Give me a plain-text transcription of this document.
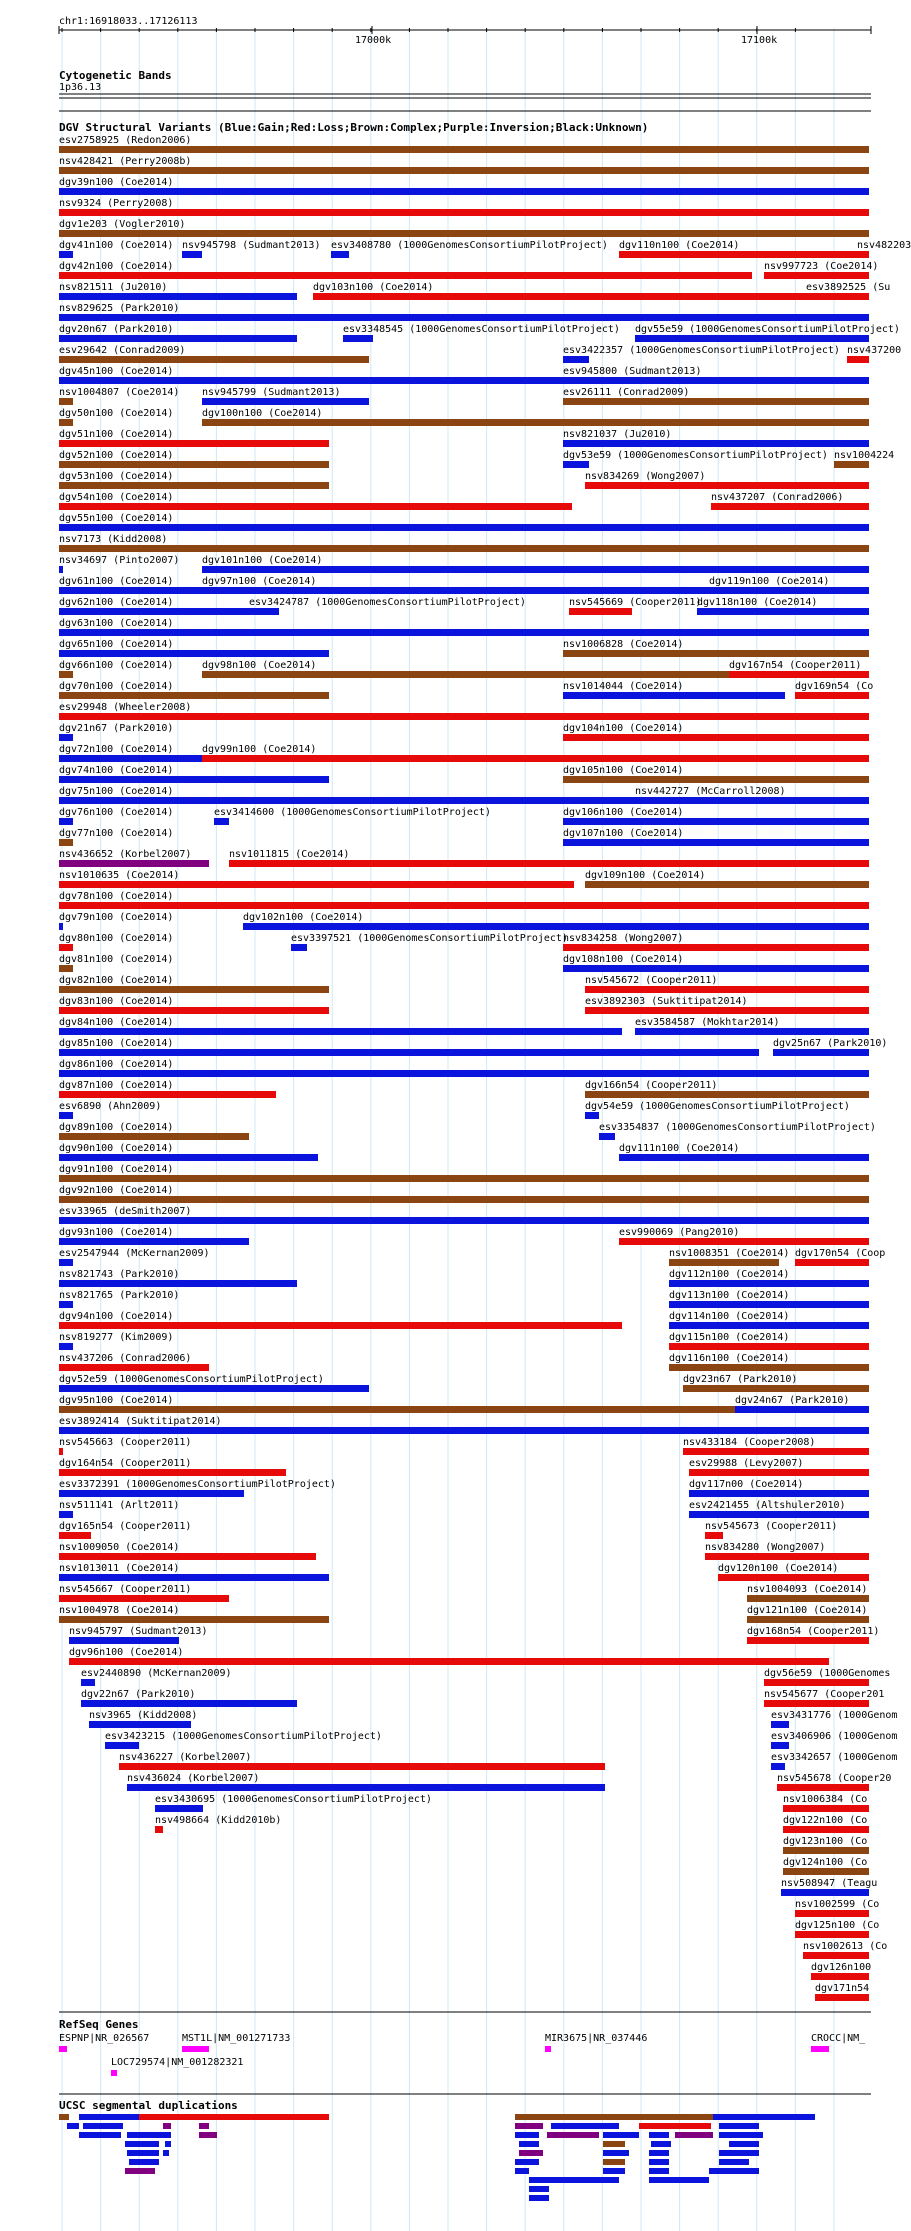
esv2758925 (Redon2006)
nsv428421 (Perry2008b)
dgv39n100 (Coe2014)
nsv9324 (Perry2008)
dgv1e203 (Vogler2010)
dgv41n100 (Coe2014) nsv945798 (Sudmant2013) esv3408780 (1000GenomesConsortiumPilotProject) dgv110n100 (Coe2014)	nsv482203
dgv42n100 (Coe2014)	nsv997723 (Coe2014)
nsv821511 (Ju2010)	dgv103n100 (Coe2014)	esv3892525 (Su
nsv829625 (Park2010)
dgv20n67 (Park2010)	esv3348545 (1000GenomesConsortiumPilotProject) dgv55e59 (1000GenomesConsortiumPilotProject)
esv29642 (Conrad2009)	esv3422357 (1000GenomesConsortiumPilotProject) nsv437200
dgv45n100 (Coe2014)	esv945800 (Sudmant2013)
nsv1004807 (Coe2014) nsv945799 (Sudmant2013)	esv26111 (Conrad2009)
dgv50n100 (Coe2014)	dgv100n100 (Coe2014)
dgv51n100 (Coe2014)	nsv821037 (Ju2010)
dgv52n100 (Coe2014)	dgv53e59 (1000GenomesConsortiumPilotProject) nsv1004224
dgv53n100 (Coe2014)	nsv834269 (Wong2007)
dgv54n100 (Coe2014)	nsv437207 (Conrad2006)
dgv55n100 (Coe2014)
nsv7173 (Kidd2008)
nsv34697 (Pinto2007) dgv101n100 (Coe2014)
dgv61n100 (Coe2014)	dgv97n100 (Coe2014)	dgv119n100 (Coe2014)
dgv62n100 (Coe2014)	esv3424787 (1000GenomesConsortiumPilotProject)	nsv545669 (Cooper2011)
dgv118n100 (Coe2014)
dgv63n100 (Coe2014)
dgv65n100 (Coe2014)	nsv1006828 (Coe2014)
dgv66n100 (Coe2014)	dgv98n100 (Coe2014)	dgv167n54 (Cooper2011)
dgv70n100 (Coe2014)	nsv1014044 (Coe2014)	dgv169n54 (Co
esv29948 (Wheeler2008)
dgv21n67 (Park2010)	dgv104n100 (Coe2014)
dgv72n100 (Coe2014)	dgv99n100 (Coe2014)
dgv74n100 (Coe2014)	dgv105n100 (Coe2014)
dgv75n100 (Coe2014)	nsv442727 (McCarroll2008)
dgv76n100 (Coe2014)	esv3414600 (1000GenomesConsortiumPilotProject)	dgv106n100 (Coe2014)
dgv77n100 (Coe2014)	dgv107n100 (Coe2014)
nsv436652 (Korbel2007)	nsv1011815 (Coe2014)
nsv1010635 (Coe2014)	dgv109n100 (Coe2014)
dgv78n100 (Coe2014)
dgv79n100 (Coe2014)	dgv102n100 (Coe2014)
dgv80n100 (Coe2014)	esv3397521 (1000GenomesConsortiumPilotProject)
nsv834258 (Wong2007)
dgv81n100 (Coe2014)	dgv108n100 (Coe2014)
dgv82n100 (Coe2014)	nsv545672 (Cooper2011)
dgv83n100 (Coe2014)	esv3892303 (Suktitipat2014)
dgv84n100 (Coe2014)	esv3584587 (Mokhtar2014)
dgv85n100 (Coe2014)	dgv25n67 (Park2010)
dgv86n100 (Coe2014)
dgv87n100 (Coe2014)	dgv166n54 (Cooper2011)
esv6890 (Ahn2009)	dgv54e59 (1000GenomesConsortiumPilotProject)
dgv89n100 (Coe2014)	esv3354837 (1000GenomesConsortiumPilotProject)
dgv90n100 (Coe2014)	dgv111n100 (Coe2014)
dgv91n100 (Coe2014)
dgv92n100 (Coe2014)
esv33965 (deSmith2007)
dgv93n100 (Coe2014)	esv990069 (Pang2010)
esv2547944 (McKernan2009)	nsv1008351 (Coe2014) dgv170n54 (Coop
nsv821743 (Park2010)	dgv112n100 (Coe2014)
nsv821765 (Park2010)	dgv113n100 (Coe2014)
dgv94n100 (Coe2014)	dgv114n100 (Coe2014)
nsv819277 (Kim2009)	dgv115n100 (Coe2014)
nsv437206 (Conrad2006)	dgv116n100 (Coe2014)
dgv52e59 (1000GenomesConsortiumPilotProject)	dgv23n67 (Park2010)
dgv95n100 (Coe2014)	dgv24n67 (Park2010)
esv3892414 (Suktitipat2014)
nsv545663 (Cooper2011)	nsv433184 (Cooper2008)
dgv164n54 (Cooper2011)	esv29988 (Levy2007)
esv3372391 (1000GenomesConsortiumPilotProject)	dgv117n00 (Coe2014)
nsv511141 (Arlt2011)	esv2421455 (Altshuler2010)
dgv165n54 (Cooper2011)	nsv545673 (Cooper2011)
nsv1009050 (Coe2014)	nsv834280 (Wong2007)
nsv1013011 (Coe2014)	dgv120n100 (Coe2014)
nsv545667 (Cooper2011)	nsv1004093 (Coe2014)
nsv1004978 (Coe2014)	dgv121n100 (Coe2014)
nsv945797 (Sudmant2013)	dgv168n54 (Cooper2011)
dgv96n100 (Coe2014)
esv2440890 (McKernan2009)	dgv56e59 (1000Genomes
dgv22n67 (Park2010)	nsv545677 (Cooper201
nsv3965 (Kidd2008)	esv3431776 (1000Genom
esv3423215 (1000GenomesConsortiumPilotProject)	esv3406906 (1000Genom
nsv436227 (Korbel2007)	esv3342657 (1000Genom
nsv436024 (Korbel2007)	nsv545678 (Cooper20
esv3430695 (1000GenomesConsortiumPilotProject)	nsv1006384 (Co
nsv498664 (Kidd2010b)	dgv122n100 (Co
dgv123n100 (Co
dgv124n100 (Co
nsv508947 (Teagu
nsv1002599 (Co
dgv125n100 (Co
nsv1002613 (Co
dgv126n100
dgv171n54
ESPNP|NR_026567	MST1L|NM_001271733	MIR3675|NR_037446	CROCC|NM_
LOC729574|NM_001282321
chr1:16918033..17126113
17000k	17100k
Cytogenetic Bands
1p36.13
DGV Structural Variants (Blue:Gain;Red:Loss;Brown:Complex;Purple:Inversion;Black:Unknown)
RefSeq Genes
UCSC segmental duplications
